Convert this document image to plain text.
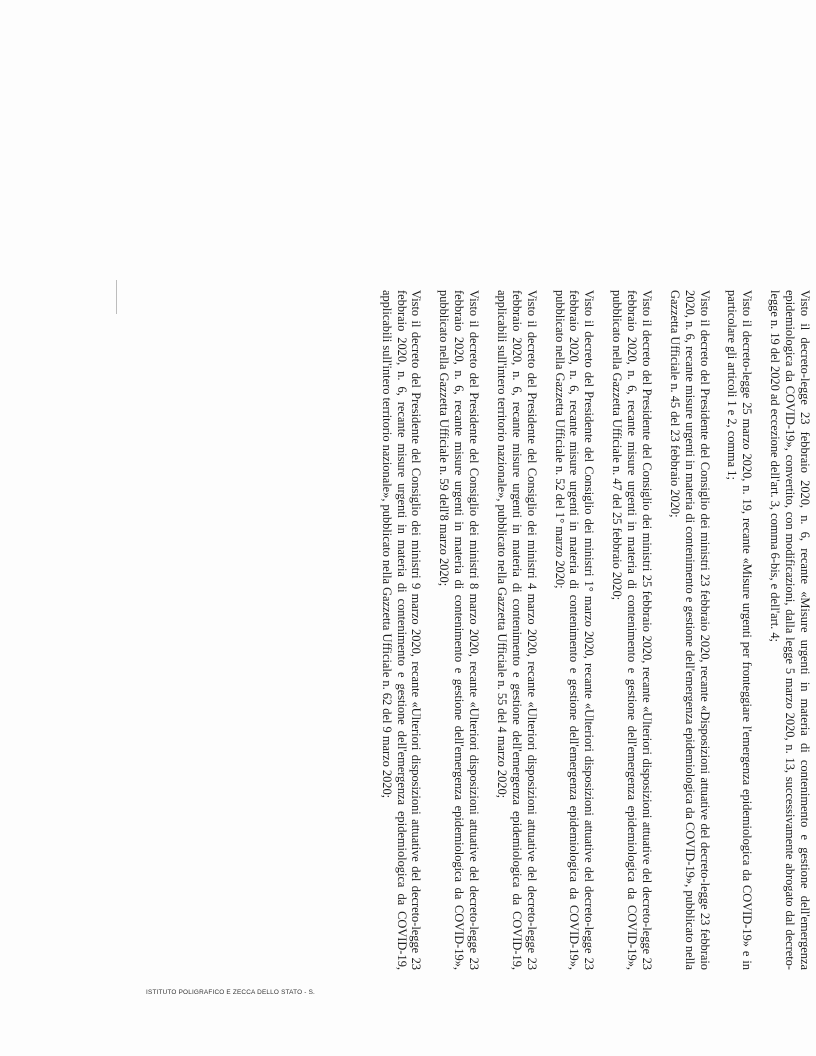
Visto il decreto-legge 23 febbraio 2020, n. 6, recante «Misure urgenti in materia di contenimento e gestione dell'emergenza epidemiologica da COVID-19», convertito, con modificazioni, dalla legge 5 marzo 2020, n. 13, successivamente abrogato dal decreto-legge n. 19 del 2020 ad eccezione dell'art. 3, comma 6-bis, e dell'art. 4;

Visto il decreto-legge 25 marzo 2020, n. 19, recante «Misure urgenti per fronteggiare l'emergenza epidemiologica da COVID-19» e in particolare gli articoli 1 e 2, comma 1;

Visto il decreto del Presidente del Consiglio dei ministri 23 febbraio 2020, recante «Disposizioni attuative del decreto-legge 23 febbraio 2020, n. 6, recante misure urgenti in materia di contenimento e gestione dell'emergenza epidemiologica da COVID-19», pubblicato nella Gazzetta Ufficiale n. 45 del 23 febbraio 2020;

Visto il decreto del Presidente del Consiglio dei ministri 25 febbraio 2020, recante «Ulteriori disposizioni attuative del decreto-legge 23 febbraio 2020, n. 6, recante misure urgenti in materia di contenimento e gestione dell'emergenza epidemiologica da COVID-19», pubblicato nella Gazzetta Ufficiale n. 47 del 25 febbraio 2020;

Visto il decreto del Presidente del Consiglio dei ministri 1° marzo 2020, recante «Ulteriori disposizioni attuative del decreto-legge 23 febbraio 2020, n. 6, recante misure urgenti in materia di contenimento e gestione dell'emergenza epidemiologica da COVID-19», pubblicato nella Gazzetta Ufficiale n. 52 del 1° marzo 2020;

Visto il decreto del Presidente del Consiglio dei ministri 4 marzo 2020, recante «Ulteriori disposizioni attuative del decreto-legge 23 febbraio 2020, n. 6, recante misure urgenti in materia di contenimento e gestione dell'emergenza epidemiologica da COVID-19, applicabili sull'intero territorio nazionale», pubblicato nella Gazzetta Ufficiale n. 55 del 4 marzo 2020;

Visto il decreto del Presidente del Consiglio dei ministri 8 marzo 2020, recante «Ulteriori disposizioni attuative del decreto-legge 23 febbraio 2020, n. 6, recante misure urgenti in materia di contenimento e gestione dell'emergenza epidemiologica da COVID-19», pubblicato nella Gazzetta Ufficiale n. 59 dell'8 marzo 2020;

Visto il decreto del Presidente del Consiglio dei ministri 9 marzo 2020, recante «Ulteriori disposizioni attuative del decreto-legge 23 febbraio 2020, n. 6, recante misure urgenti in materia di contenimento e gestione dell'emergenza epidemiologica da COVID-19, applicabili sull'intero territorio nazionale», pubblicato nella Gazzetta Ufficiale n. 62 del 9 marzo 2020;

ISTITUTO POLIGRAFICO E ZECCA DELLO STATO - S.
